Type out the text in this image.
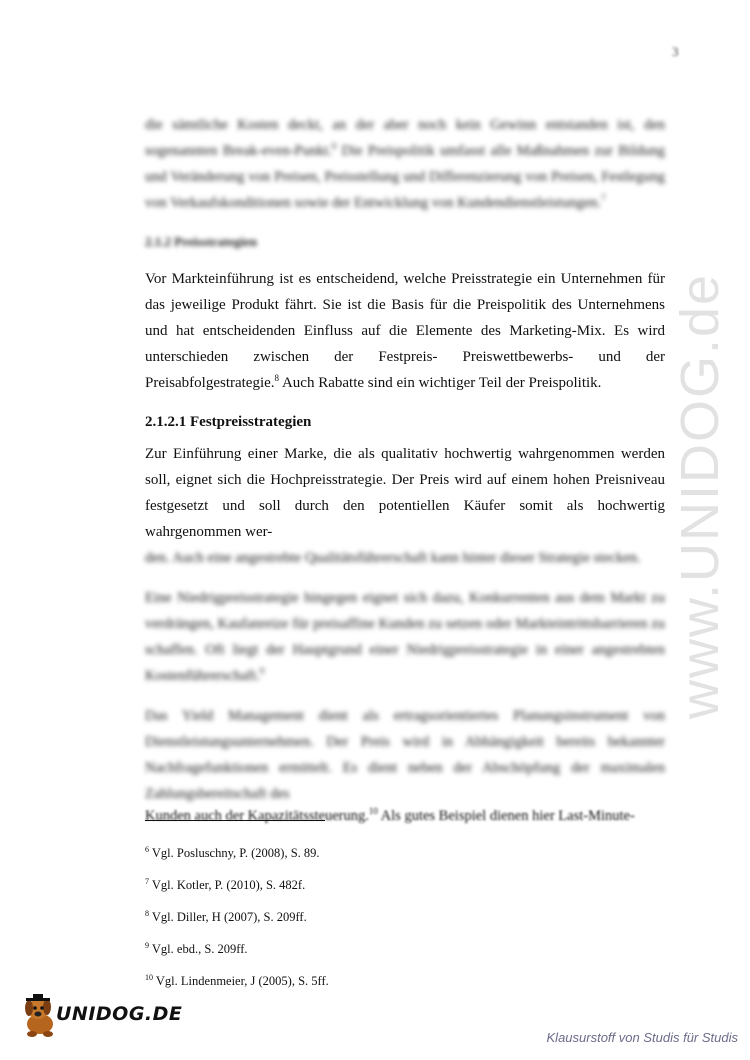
3
www.UNIDOG.de

die sämtliche Kosten deckt, an der aber noch kein Gewinn entstanden ist, den sogenannten Break-even-Punkt.$^6$ Die Preispolitik umfasst alle Maßnahmen zur Bildung und Veränderung von Preisen, Preisstellung und Differenzierung von Preisen, Festlegung von Verkaufskonditionen sowie der Entwicklung von Kundendienstleistungen.$^7$

2.1.2 Preisstrategien

Vor Markteinführung ist es entscheidend, welche Preisstrategie ein Unternehmen für das jeweilige Produkt fährt. Sie ist die Basis für die Preispolitik des Unternehmens und hat entscheidenden Einfluss auf die Elemente des Marketing-Mix. Es wird unterschieden zwischen der Festpreis- Preiswettbewerbs- und der Preisabfolgestrategie.$^8$ Auch Rabatte sind ein wichtiger Teil der Preispolitik.

2.1.2.1 Festpreisstrategien

Zur Einführung einer Marke, die als qualitativ hochwertig wahrgenommen werden soll, eignet sich die Hochpreisstrategie. Der Preis wird auf einem hohen Preisniveau festgesetzt und soll durch den potentiellen Käufer somit als hochwertig wahrgenommen wer-

den. Auch eine angestrebte Qualitätsführerschaft kann hinter dieser Strategie stecken.

Eine Niedrigpreisstrategie hingegen eignet sich dazu, Konkurrenten aus dem Markt zu verdrängen, Kaufanreize für preisaffine Kunden zu setzen oder Markteintrittsbarrieren zu schaffen. Oft liegt der Hauptgrund einer Niedrigpreisstrategie in einer angestrebten Kostenführerschaft.$^9$

Das Yield Management dient als ertragsorientiertes Planungsinstrument von Dienstleistungsunternehmen. Der Preis wird in Abhängigkeit bereits bekannter Nachfragefunktionen ermittelt. Es dient neben der Abschöpfung der maximalen Zahlungsbereitschaft des

Kunden auch der Kapazitätssteuerung.$^{10}$ Als gutes Beispiel dienen hier Last-Minute-

$^6$ Vgl. Posluschny, P. (2008), S. 89.
$^7$ Vgl. Kotler, P. (2010), S. 482f.
$^8$ Vgl. Diller, H (2007), S. 209ff.
$^9$ Vgl. ebd., S. 209ff.
$^{10}$ Vgl. Lindenmeier, J (2005), S. 5ff.
UNIDOG.DE
Klausurstoff von Studis für Studis
